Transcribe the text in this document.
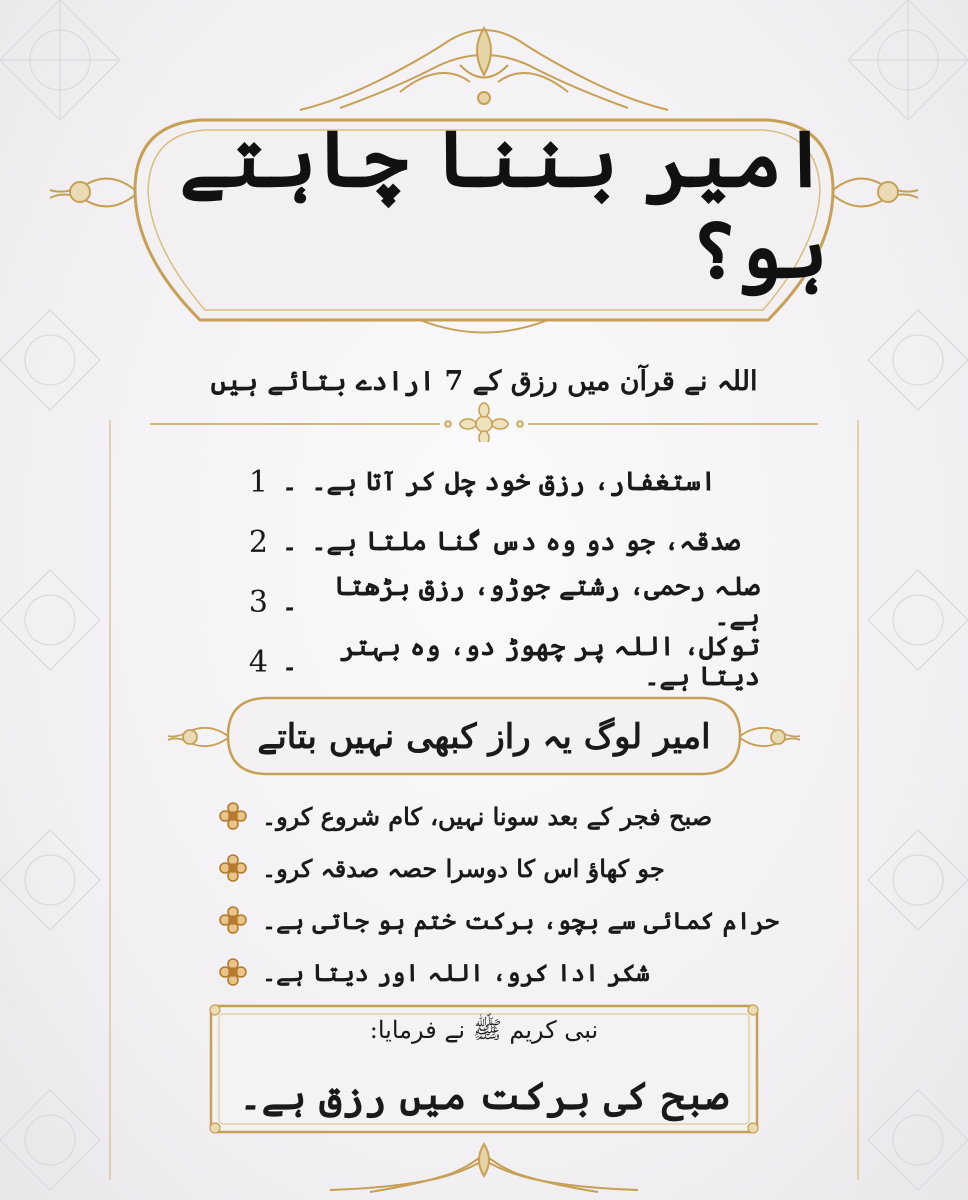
امیر بننا چاہتے ہو؟
اللہ نے قرآن میں رزق کے 7 ارادے بتائے ہیں
1 ۔ استغفار، رزق خود چل کر آتا ہے۔
2 ۔ صدقہ، جو دو وہ دس گنا ملتا ہے۔
3 ۔	صلہ رحمی، رشتے جوڑو، رزق بڑھتا ہے۔
4 ۔	توکل، اللہ پر چھوڑ دو، وہ بہتر دیتا ہے۔
امیر لوگ یہ راز کبھی نہیں بتاتے
صبح فجر کے بعد سونا نہیں، کام شروع کرو۔
جو کھاؤ اس کا دوسرا حصہ صدقہ کرو۔
حرام کمائی سے بچو، برکت ختم ہو جاتی ہے۔
شکر ادا کرو، اللہ اور دیتا ہے۔
نبی کریم ﷺ نے فرمایا:
صبح کی برکت میں رزق ہے۔
